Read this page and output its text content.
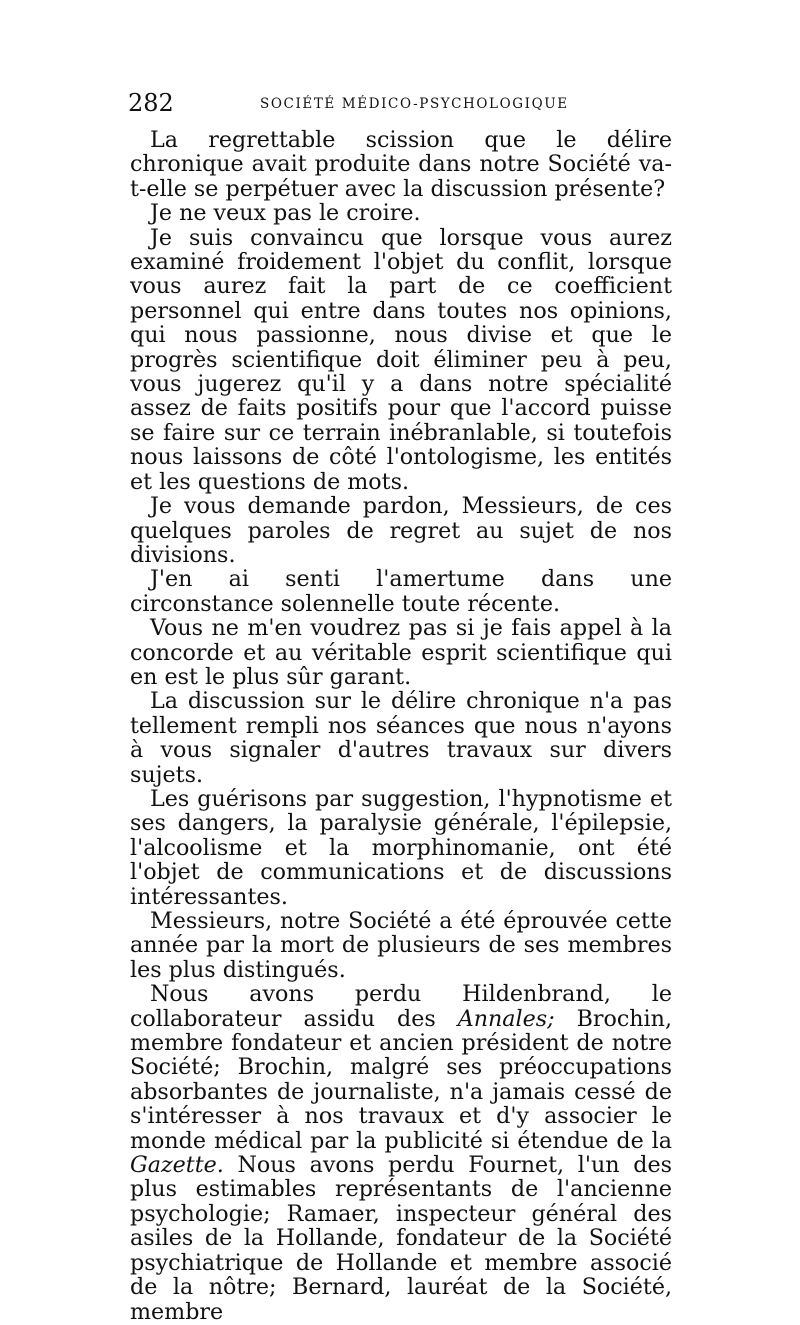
282	SOCIÉTÉ MÉDICO-PSYCHOLOGIQUE

La regrettable scission que le délire chronique avait produite dans notre Société va-t-elle se perpétuer avec la discussion présente?

Je ne veux pas le croire.

Je suis convaincu que lorsque vous aurez examiné froidement l'objet du conflit, lorsque vous aurez fait la part de ce coefficient personnel qui entre dans toutes nos opinions, qui nous passionne, nous divise et que le progrès scientifique doit éliminer peu à peu, vous jugerez qu'il y a dans notre spécialité assez de faits positifs pour que l'accord puisse se faire sur ce terrain inébranlable, si toutefois nous laissons de côté l'ontologisme, les entités et les questions de mots.

Je vous demande pardon, Messieurs, de ces quelques paroles de regret au sujet de nos divisions.

J'en ai senti l'amertume dans une circonstance solennelle toute récente.

Vous ne m'en voudrez pas si je fais appel à la concorde et au véritable esprit scientifique qui en est le plus sûr garant.

La discussion sur le délire chronique n'a pas tellement rempli nos séances que nous n'ayons à vous signaler d'autres travaux sur divers sujets.

Les guérisons par suggestion, l'hypnotisme et ses dangers, la paralysie générale, l'épilepsie, l'alcoolisme et la morphinomanie, ont été l'objet de communications et de discussions intéressantes.

Messieurs, notre Société a été éprouvée cette année par la mort de plusieurs de ses membres les plus distingués.

Nous avons perdu Hildenbrand, le collaborateur assidu des Annales; Brochin, membre fondateur et ancien président de notre Société; Brochin, malgré ses préoccupations absorbantes de journaliste, n'a jamais cessé de s'intéresser à nos travaux et d'y associer le monde médical par la publicité si étendue de la Gazette. Nous avons perdu Fournet, l'un des plus estimables représentants de l'ancienne psychologie; Ramaer, inspecteur général des asiles de la Hollande, fondateur de la Société psychiatrique de Hollande et membre associé de la nôtre; Bernard, lauréat de la Société, membre
